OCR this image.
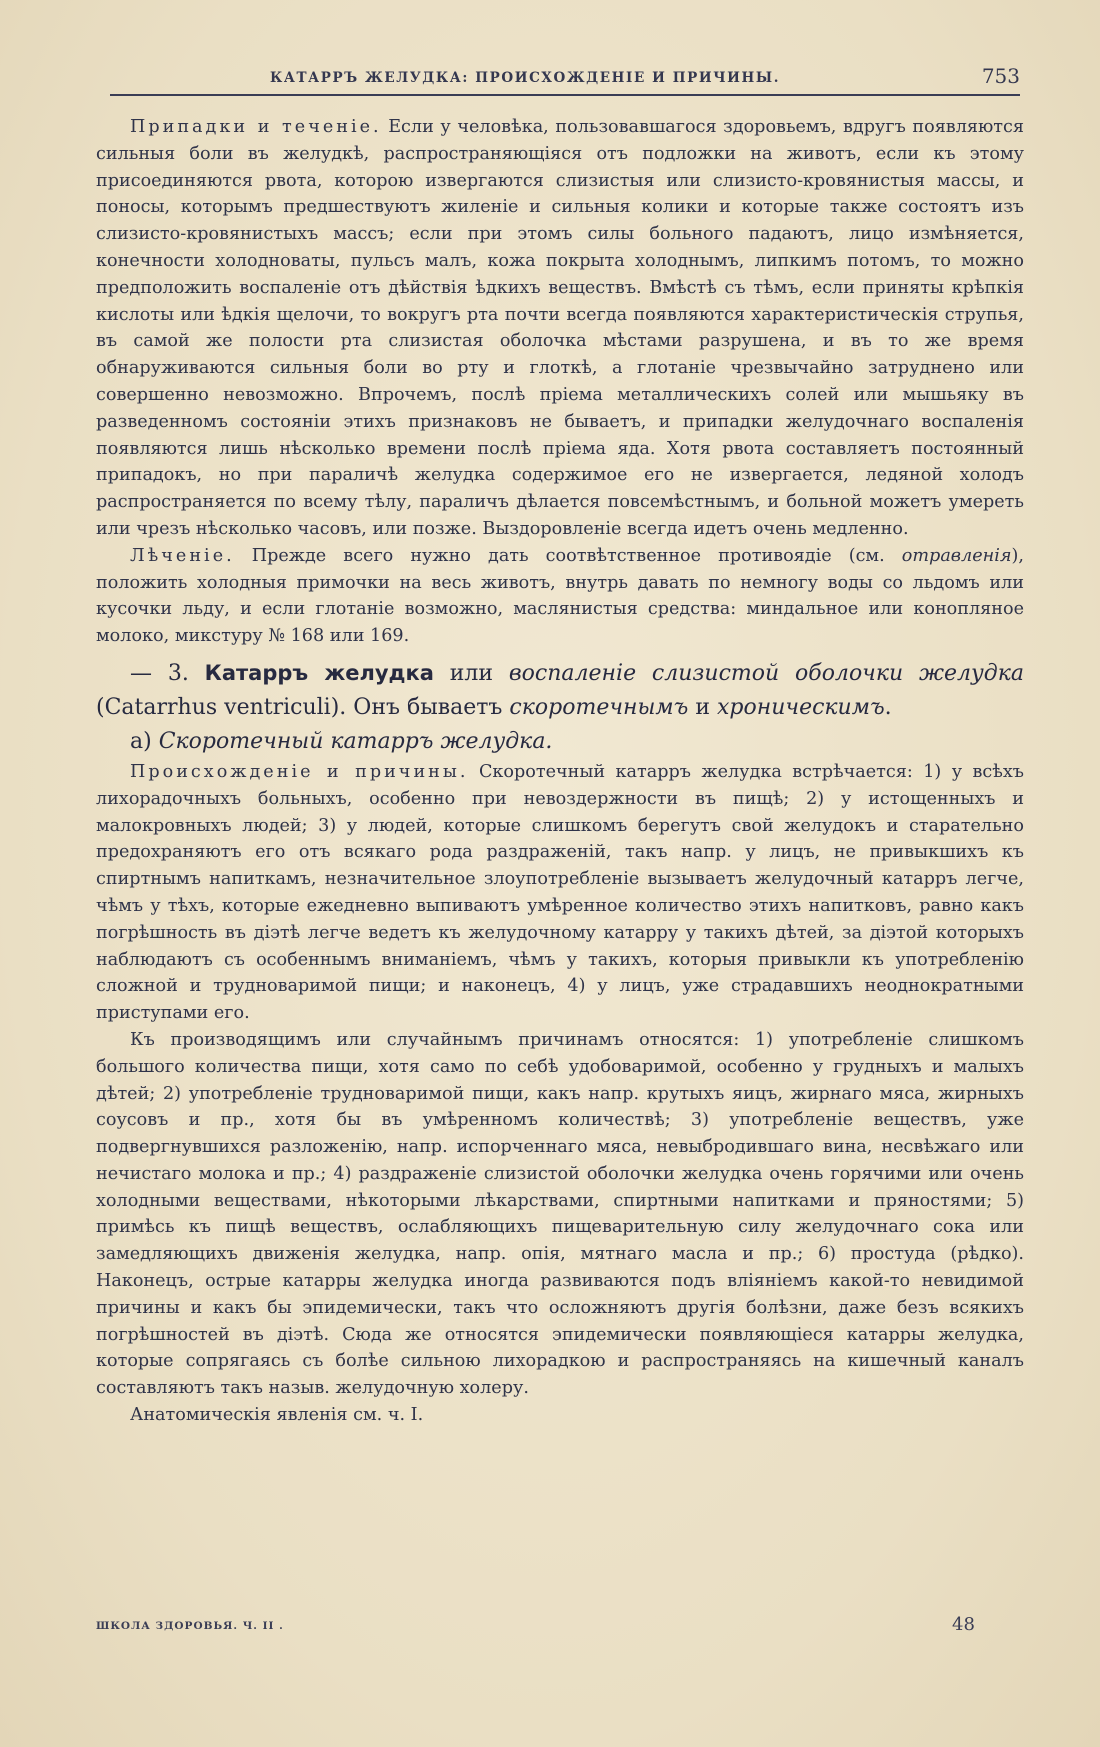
КАТАРРЪ ЖЕЛУДКА: ПРОИСХОЖДЕНІЕ И ПРИЧИНЫ.	753

Припадки и теченіе. Если у человѣка, пользовавшагося здоровьемъ, вдругъ появляются сильныя боли въ желудкѣ, распространяющіяся отъ подложки на животъ, если къ этому присоединяются рвота, которою извергаются слизистыя или слизисто-кровянистыя массы, и поносы, которымъ предшествуютъ жиленіе и сильныя колики и которые также состоятъ изъ слизисто-кровянистыхъ массъ; если при этомъ силы больного падаютъ, лицо измѣняется, конечности холодноваты, пульсъ малъ, кожа покрыта холоднымъ, липкимъ потомъ, то можно предположить воспаленіе отъ дѣйствія ѣдкихъ веществъ. Вмѣстѣ съ тѣмъ, если приняты крѣпкія кислоты или ѣдкія щелочи, то вокругъ рта почти всегда появляются характеристическія струпья, въ самой же полости рта слизистая оболочка мѣстами разрушена, и въ то же время обнаруживаются сильныя боли во рту и глоткѣ, а глотаніе чрезвычайно затруднено или совершенно невозможно. Впрочемъ, послѣ пріема металлическихъ солей или мышьяку въ разведенномъ состояніи этихъ признаковъ не бываетъ, и припадки желудочнаго воспаленія появляются лишь нѣсколько времени послѣ пріема яда. Хотя рвота составляетъ постоянный припадокъ, но при параличѣ желудка содержимое его не извергается, ледяной холодъ распространяется по всему тѣлу, параличъ дѣлается повсемѣстнымъ, и больной можетъ умереть или чрезъ нѣсколько часовъ, или позже. Выздоровленіе всегда идетъ очень медленно.

Лѣченіе. Прежде всего нужно дать соотвѣтственное противоядіе (см. отравленія), положить холодныя примочки на весь животъ, внутрь давать по немногу воды со льдомъ или кусочки льду, и если глотаніе возможно, маслянистыя средства: миндальное или конопляное молоко, микстуру № 168 или 169.

— 3. Катарръ желудка или воспаленіе слизистой оболочки желудка (Catarrhus ventriculi). Онъ бываетъ скоротечнымъ и хроническимъ.

a) Скоротечный катарръ желудка.

Происхожденіе и причины. Скоротечный катарръ желудка встрѣчается: 1) у всѣхъ лихорадочныхъ больныхъ, особенно при невоздержности въ пищѣ; 2) у истощенныхъ и малокровныхъ людей; 3) у людей, которые слишкомъ берегутъ свой желудокъ и старательно предохраняютъ его отъ всякаго рода раздраженій, такъ напр. у лицъ, не привыкшихъ къ спиртнымъ напиткамъ, незначительное злоупотребленіе вызываетъ желудочный катарръ легче, чѣмъ у тѣхъ, которые ежедневно выпиваютъ умѣренное количество этихъ напитковъ, равно какъ погрѣшность въ діэтѣ легче ведетъ къ желудочному катарру у такихъ дѣтей, за діэтой которыхъ наблюдаютъ съ особеннымъ вниманіемъ, чѣмъ у такихъ, которыя привыкли къ употребленію сложной и трудноваримой пищи; и наконецъ, 4) у лицъ, уже страдавшихъ неоднократными приступами его.

Къ производящимъ или случайнымъ причинамъ относятся: 1) употребленіе слишкомъ большого количества пищи, хотя само по себѣ удобоваримой, особенно у грудныхъ и малыхъ дѣтей; 2) употребленіе трудноваримой пищи, какъ напр. крутыхъ яицъ, жирнаго мяса, жирныхъ соусовъ и пр., хотя бы въ умѣренномъ количествѣ; 3) употребленіе веществъ, уже подвергнувшихся разложенію, напр. испорченнаго мяса, невыбродившаго вина, несвѣжаго или нечистаго молока и пр.; 4) раздраженіе слизистой оболочки желудка очень горячими или очень холодными веществами, нѣкоторыми лѣкарствами, спиртными напитками и пряностями; 5) примѣсь къ пищѣ веществъ, ослабляющихъ пищеварительную силу желудочнаго сока или замедляющихъ движенія желудка, напр. опія, мятнаго масла и пр.; 6) простуда (рѣдко). Наконецъ, острые катарры желудка иногда развиваются подъ вліяніемъ какой-то невидимой причины и какъ бы эпидемически, такъ что осложняютъ другія болѣзни, даже безъ всякихъ погрѣшностей въ діэтѣ. Сюда же относятся эпидемически появляющіеся катарры желудка, которые сопрягаясь съ болѣе сильною лихорадкою и распространяясь на кишечный каналъ составляютъ такъ назыв. желудочную холеру.

Анатомическія явленія см. ч. I.

ШКОЛА ЗДОРОВЬЯ. Ч. II .	48
